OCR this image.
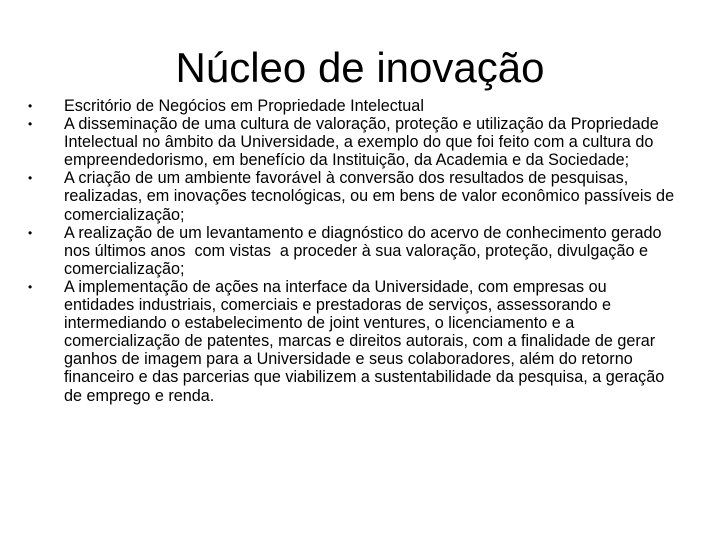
Núcleo de inovação
• Escritório de Negócios em Propriedade Intelectual
• A disseminação de uma cultura de valoração, proteção e utilização da Propriedade Intelectual no âmbito da Universidade, a exemplo do que foi feito com a cultura do empreendedorismo, em benefício da Instituição, da Academia e da Sociedade;
• A criação de um ambiente favorável à conversão dos resultados de pesquisas, realizadas, em inovações tecnológicas, ou em bens de valor econômico passíveis de comercialização;
• A realização de um levantamento e diagnóstico do acervo de conhecimento gerado   nos últimos anos  com vistas  a proceder à sua valoração, proteção, divulgação e comercialização;
• A implementação de ações na interface da Universidade, com empresas ou entidades industriais, comerciais e prestadoras de serviços, assessorando e intermediando o estabelecimento de joint ventures, o licenciamento e a comercialização de patentes, marcas e direitos autorais, com a finalidade de gerar ganhos de imagem para a Universidade e seus colaboradores, além do retorno financeiro e das parcerias que viabilizem a sustentabilidade da pesquisa, a geração de emprego e renda.
